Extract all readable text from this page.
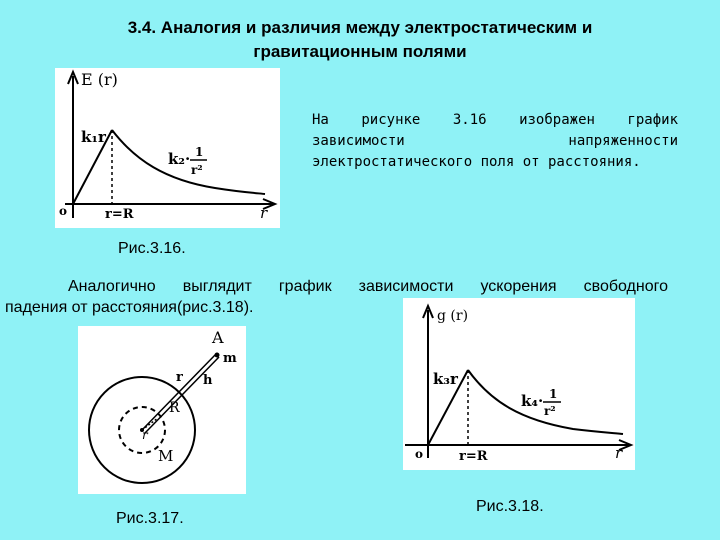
3.4. Аналогия и различия между электростатическим и
гравитационным полями
E (r)
r
o	r=R
k₁r
k₂· 1
r²
На рисунке 3.16 изображен график зависимости напряженности электростатического поля от расстояния.
Рис.3.16.
Аналогично выглядит график зависимости ускорения свободного
падения от расстояния(рис.3.18).
A
m
r h
R
r
M
Рис.3.17.
g (r)
r
o	r=R
k₃r
k₄· 1
r²
Рис.3.18.
